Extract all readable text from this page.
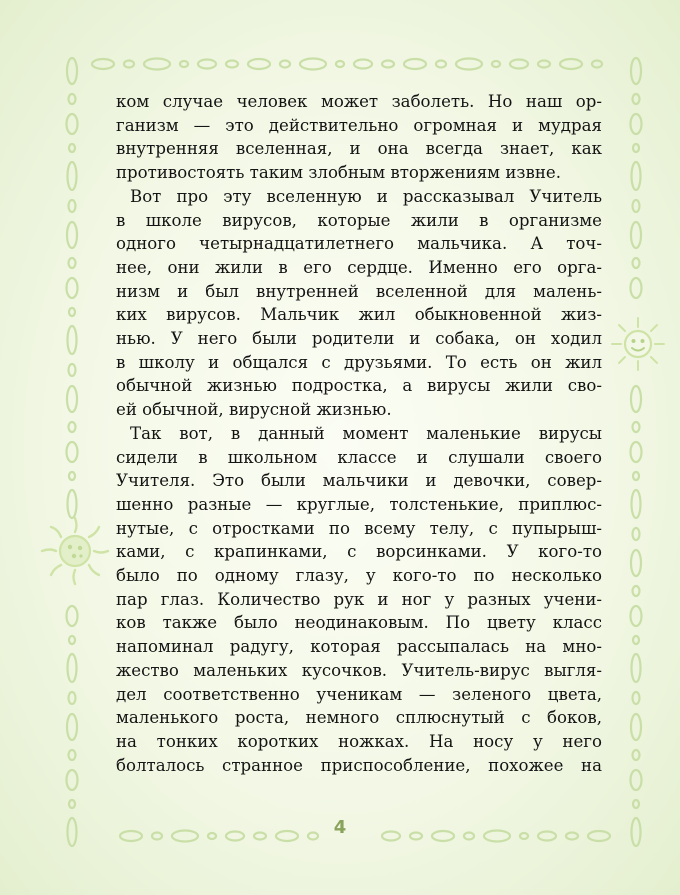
ком случае человек может заболеть. Но наш ор-
ганизм — это действительно огромная и мудрая
внутренняя вселенная, и она всегда знает, как
противостоять таким злобным вторжениям извне.
Вот про эту вселенную и рассказывал Учитель
в школе вирусов, которые жили в организме
одного четырнадцатилетнего мальчика. А точ-
нее, они жили в его сердце. Именно его орга-
низм и был внутренней вселенной для малень-
ких вирусов. Мальчик жил обыкновенной жиз-
нью. У него были родители и собака, он ходил
в школу и общался с друзьями. То есть он жил
обычной жизнью подростка, а вирусы жили сво-
ей обычной, вирусной жизнью.
Так вот, в данный момент маленькие вирусы
сидели в школьном классе и слушали своего
Учителя. Это были мальчики и девочки, совер-
шенно разные — круглые, толстенькие, приплюс-
нутые, с отростками по всему телу, с пупырыш-
ками, с крапинками, с ворсинками. У кого-то
было по одному глазу, у кого-то по несколько
пар глаз. Количество рук и ног у разных учени-
ков также было неодинаковым. По цвету класс
напоминал радугу, которая рассыпалась на мно-
жество маленьких кусочков. Учитель-вирус выгля-
дел соответственно ученикам — зеленого цвета,
маленького роста, немного сплюснутый с боков,
на тонких коротких ножках. На носу у него
болталось странное приспособление, похожее на
4
